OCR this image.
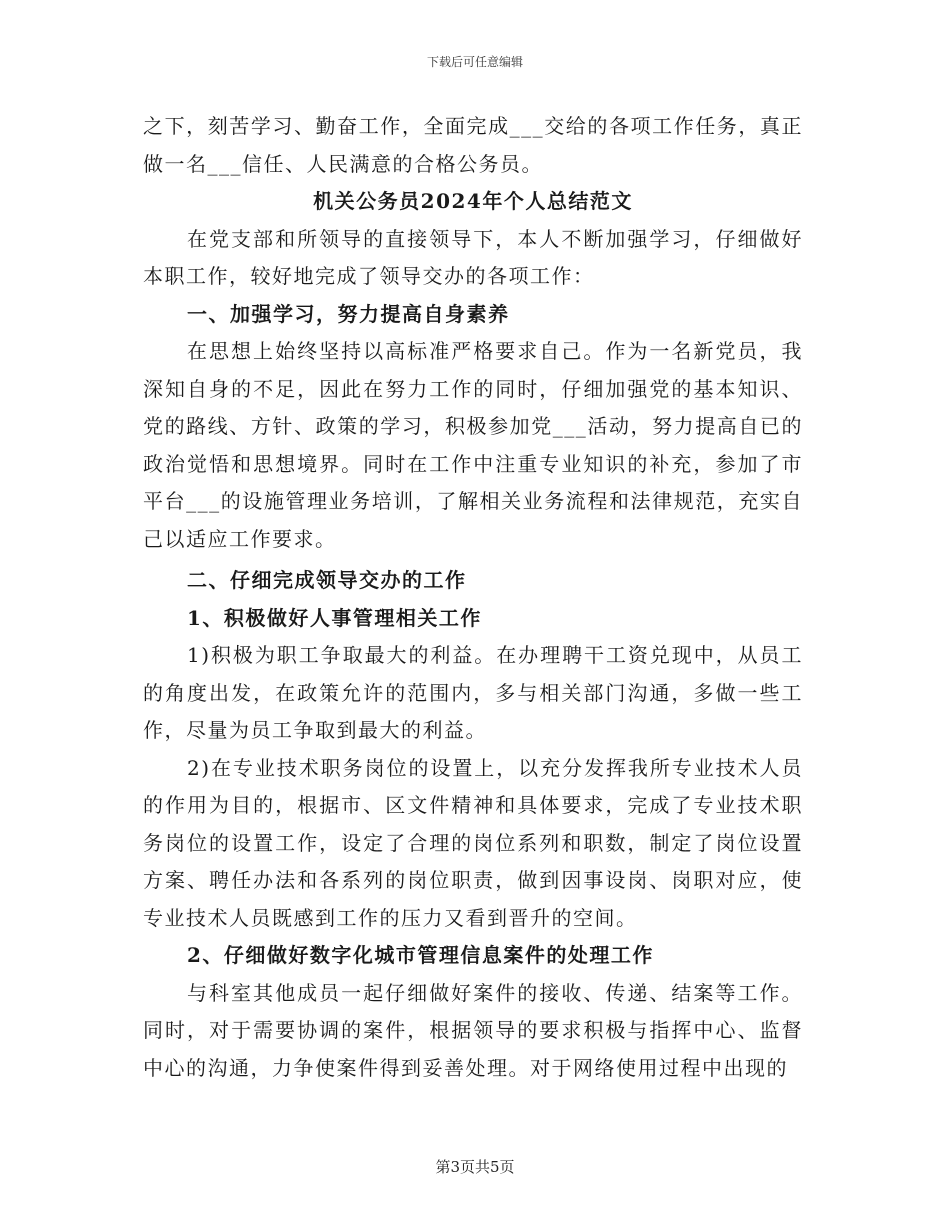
下载后可任意编辑

之下，刻苦学习、勤奋工作，全面完成___交给的各项工作任务，真正做一名___信任、人民满意的合格公务员。

机关公务员2024年个人总结范文

在党支部和所领导的直接领导下，本人不断加强学习，仔细做好本职工作，较好地完成了领导交办的各项工作：

一、加强学习，努力提高自身素养

在思想上始终坚持以高标准严格要求自己。作为一名新党员，我深知自身的不足，因此在努力工作的同时，仔细加强党的基本知识、党的路线、方针、政策的学习，积极参加党___活动，努力提高自已的政治觉悟和思想境界。同时在工作中注重专业知识的补充，参加了市平台___的设施管理业务培训，了解相关业务流程和法律规范，充实自己以适应工作要求。

二、仔细完成领导交办的工作

1、积极做好人事管理相关工作

1)积极为职工争取最大的利益。在办理聘干工资兑现中，从员工的角度出发，在政策允许的范围内，多与相关部门沟通，多做一些工作，尽量为员工争取到最大的利益。

2)在专业技术职务岗位的设置上，以充分发挥我所专业技术人员的作用为目的，根据市、区文件精神和具体要求，完成了专业技术职务岗位的设置工作，设定了合理的岗位系列和职数，制定了岗位设置方案、聘任办法和各系列的岗位职责，做到因事设岗、岗职对应，使专业技术人员既感到工作的压力又看到晋升的空间。

2、仔细做好数字化城市管理信息案件的处理工作

与科室其他成员一起仔细做好案件的接收、传递、结案等工作。同时，对于需要协调的案件，根据领导的要求积极与指挥中心、监督中心的沟通，力争使案件得到妥善处理。对于网络使用过程中出现的

第3页共5页
